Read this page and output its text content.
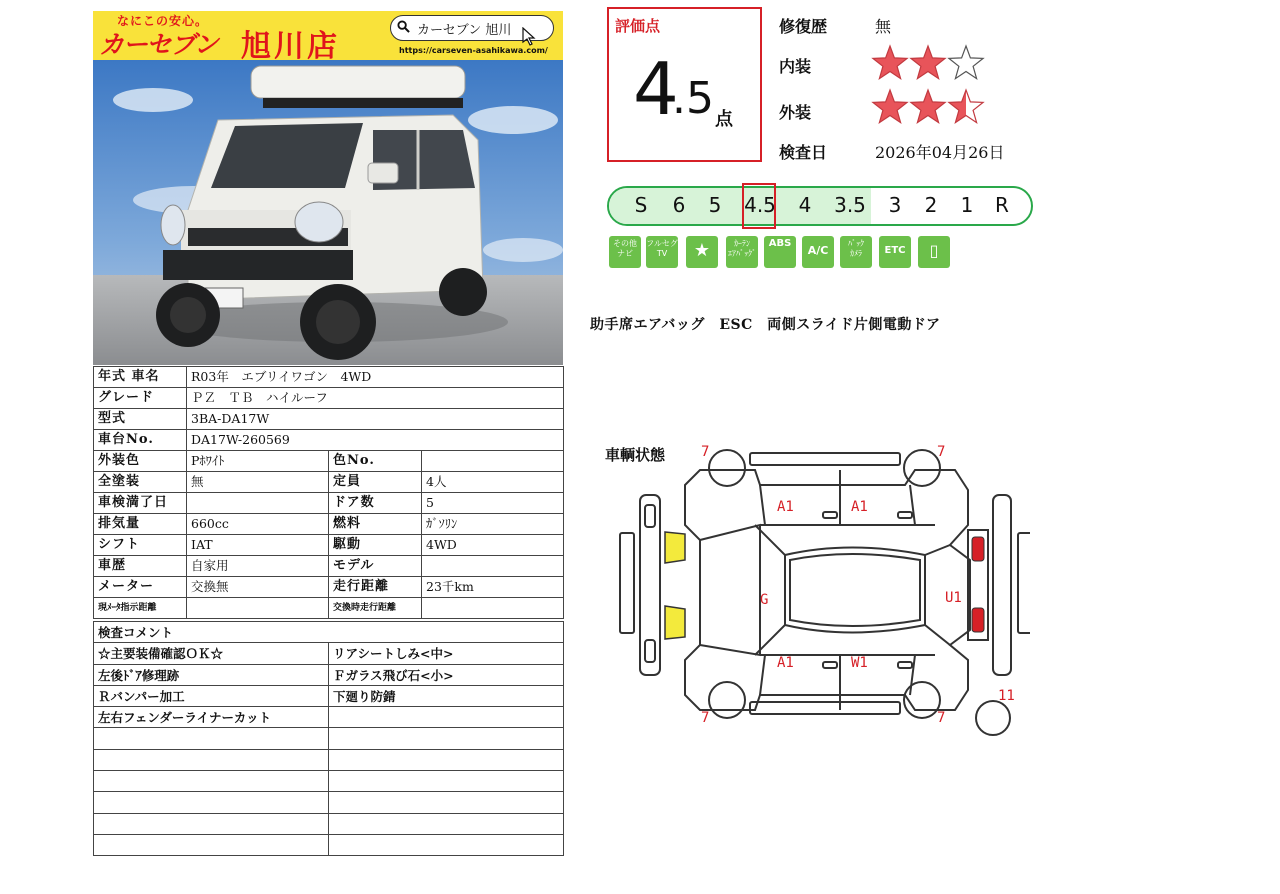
なにこの安心。
カーセブン 旭川店	カーセブン 旭川
https://carseven-asahikawa.com/
年式 車名	R03年　エブリイワゴン　4WD		
グレード	ＰＺ　ＴＢ　ハイルーフ		
型式	3BA-DA17W		
車台No.	DA17W-260569		
外装色	Pﾎﾜｲﾄ	色No.	
全塗装	無	定員	4人
車検満了日		ドア数	5
排気量	660cc	燃料	ｶﾞｿﾘﾝ
シフト	IAT	駆動	4WD
車歴	自家用	モデル	
メーター	交換無	走行距離	23千km
現ﾒｰﾀ指示距離		交換時走行距離	
検査コメント	
☆主要装備確認ＯＫ☆	リアシートしみ<中>
左後ﾄﾞｱ修理跡	Ｆガラス飛び石<小>
Ｒバンパー加工	下廻り防錆
左右フェンダーライナーカット	

評価点
4 .5 点
修復歴	無
内装
外装
検査日	2026年04月26日
S	6	5	4.5	4	3.5	3	2	1	R
その他
ナビ
フルセグ
TV	★	ｶｰﾃﾝ
ｴｱﾊﾞｯｸﾞ
ABS
A/C
ﾊﾞｯｸ
ｶﾒﾗ	ETC	▯
助手席エアバッグ　ESC　両側スライド片側電動ドア
車輌状態	7	7
7	7
A1	A1
A1	W1
G	U1
11
